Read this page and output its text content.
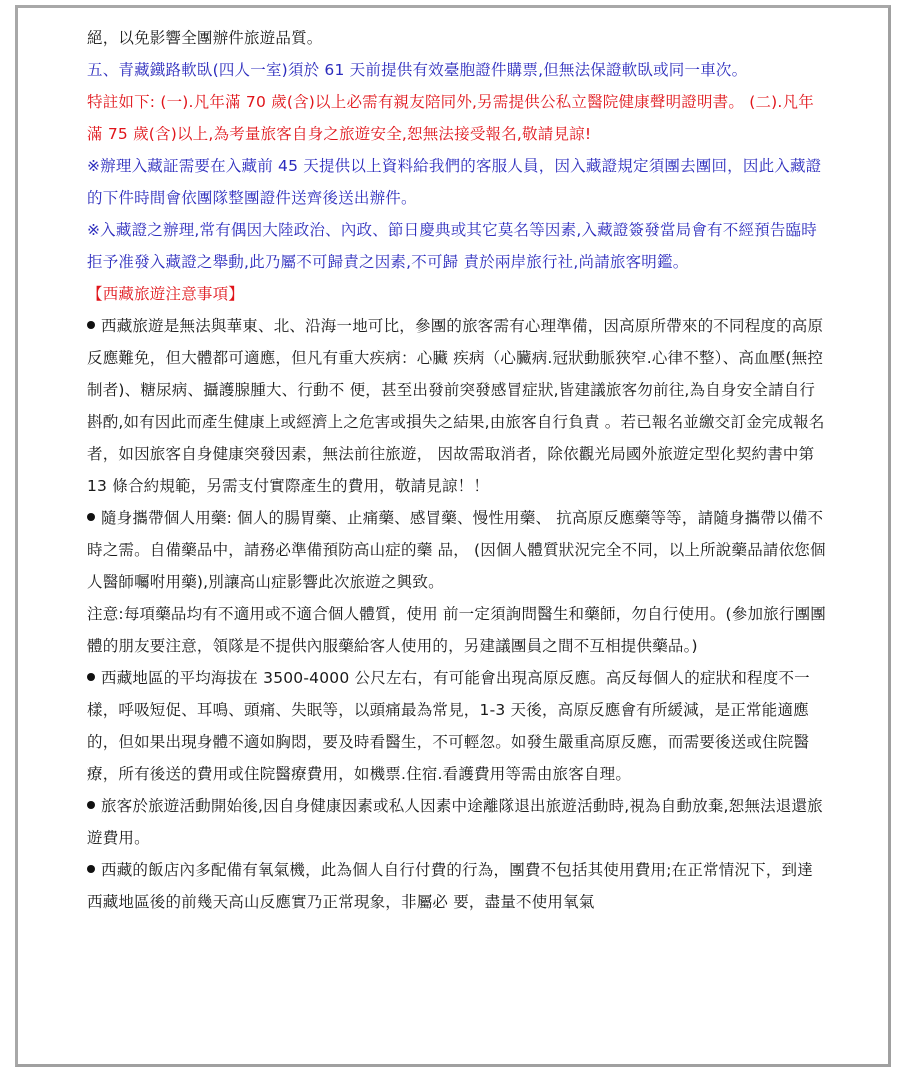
絕，以免影響全團辦件旅遊品質。

五、青藏鐵路軟臥(四人一室)須於 61 天前提供有效臺胞證件購票,但無法保證軟臥或同一車次。

特註如下: (一).凡年滿 70 歲(含)以上必需有親友陪同外,另需提供公私立醫院健康聲明證明書。 (二).凡年滿 75 歲(含)以上,為考量旅客自身之旅遊安全,恕無法接受報名,敬請見諒!

※辦理入藏証需要在入藏前 45 天提供以上資料給我們的客服人員，因入藏證規定須團去團回，因此入藏證的下件時間會依團隊整團證件送齊後送出辦件。

※入藏證之辦理,常有偶因大陸政治、內政、節日慶典或其它莫名等因素,入藏證簽發當局會有不經預告臨時拒予准發入藏證之舉動,此乃屬不可歸責之因素,不可歸 責於兩岸旅行社,尚請旅客明鑑。

【西藏旅遊注意事項】

西藏旅遊是無法與華東、北、沿海一地可比，參團的旅客需有心理準備，因高原所帶來的不同程度的高原反應難免，但大體都可適應，但凡有重大疾病：心臟 疾病（心臟病.冠狀動脈狹窄.心律不整）、高血壓(無控制者)、糖尿病、攝護腺腫大、行動不 便，甚至出發前突發感冒症狀,皆建議旅客勿前往,為自身安全請自行 斟酌,如有因此而產生健康上或經濟上之危害或損失之結果,由旅客自行負責 。若已報名並繳交訂金完成報名者，如因旅客自身健康突發因素，無法前往旅遊， 因故需取消者，除依觀光局國外旅遊定型化契約書中第 13 條合約規範，另需支付實際產生的費用，敬請見諒！！

隨身攜帶個人用藥: 個人的腸胃藥、止痛藥、感冒藥、慢性用藥、 抗高原反應藥等等，請隨身攜帶以備不時之需。自備藥品中，請務必準備預防高山症的藥 品， (因個人體質狀況完全不同，以上所說藥品請依您個人醫師囑咐用藥),別讓高山症影響此次旅遊之興致。

注意:每項藥品均有不適用或不適合個人體質，使用 前一定須詢問醫生和藥師，勿自行使用。(參加旅行團團體的朋友要注意，領隊是不提供內服藥給客人使用的，另建議團員之間不互相提供藥品。)

西藏地區的平均海拔在 3500-4000 公尺左右，有可能會出現高原反應。高反每個人的症狀和程度不一樣，呼吸短促、耳鳴、頭痛、失眠等，以頭痛最為常見，1-3 天後，高原反應會有所緩減，是正常能適應的，但如果出現身體不適如胸悶，要及時看醫生，不可輕忽。如發生嚴重高原反應，而需要後送或住院醫療，所有後送的費用或住院醫療費用，如機票.住宿.看護費用等需由旅客自理。

旅客於旅遊活動開始後,因自身健康因素或私人因素中途離隊退出旅遊活動時,視為自動放棄,恕無法退還旅遊費用。

西藏的飯店內多配備有氧氣機，此為個人自行付費的行為，團費不包括其使用費用;在正常情況下，到達西藏地區後的前幾天高山反應實乃正常現象，非屬必 要，盡量不使用氧氣
